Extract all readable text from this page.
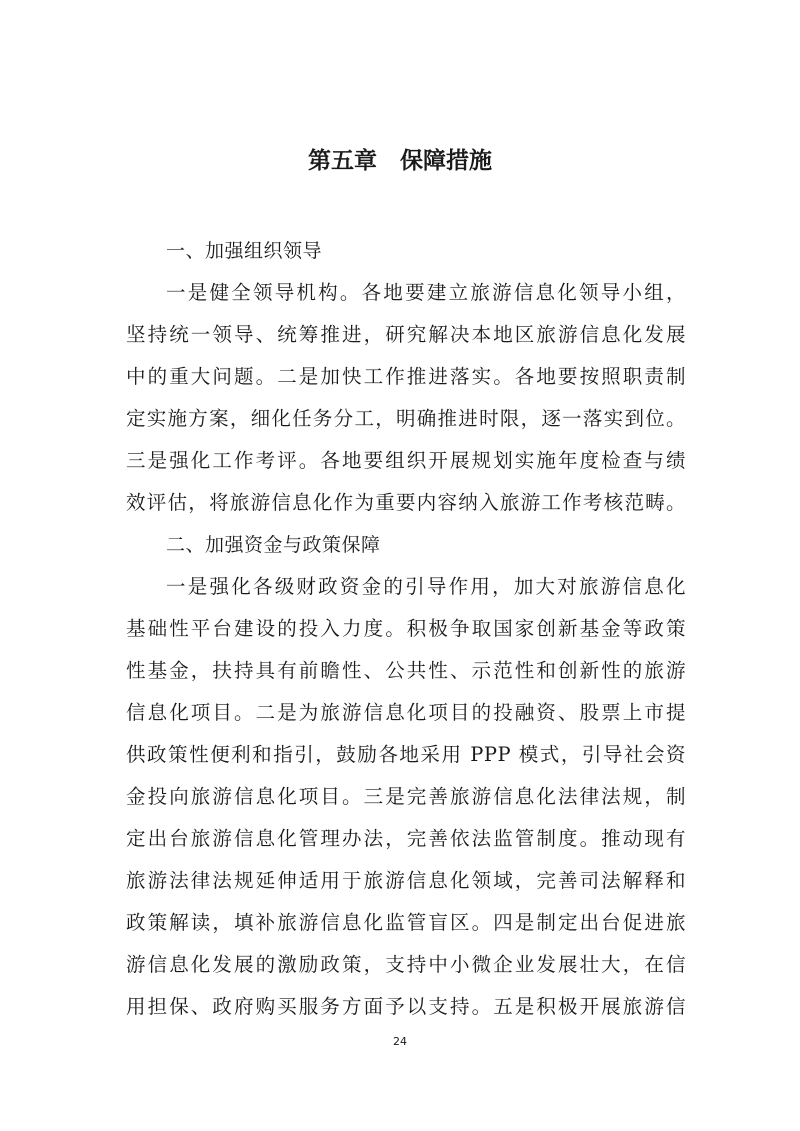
第五章　保障措施
一、加强组织领导
一是健全领导机构。各地要建立旅游信息化领导小组，
坚持统一领导、统筹推进，研究解决本地区旅游信息化发展
中的重大问题。二是加快工作推进落实。各地要按照职责制
定实施方案，细化任务分工，明确推进时限，逐一落实到位。
三是强化工作考评。各地要组织开展规划实施年度检查与绩
效评估，将旅游信息化作为重要内容纳入旅游工作考核范畴。
二、加强资金与政策保障
一是强化各级财政资金的引导作用，加大对旅游信息化
基础性平台建设的投入力度。积极争取国家创新基金等政策
性基金，扶持具有前瞻性、公共性、示范性和创新性的旅游
信息化项目。二是为旅游信息化项目的投融资、股票上市提
供政策性便利和指引，鼓励各地采用 PPP 模式，引导社会资
金投向旅游信息化项目。三是完善旅游信息化法律法规，制
定出台旅游信息化管理办法，完善依法监管制度。推动现有
旅游法律法规延伸适用于旅游信息化领域，完善司法解释和
政策解读，填补旅游信息化监管盲区。四是制定出台促进旅
游信息化发展的激励政策，支持中小微企业发展壮大，在信
用担保、政府购买服务方面予以支持。五是积极开展旅游信
24
